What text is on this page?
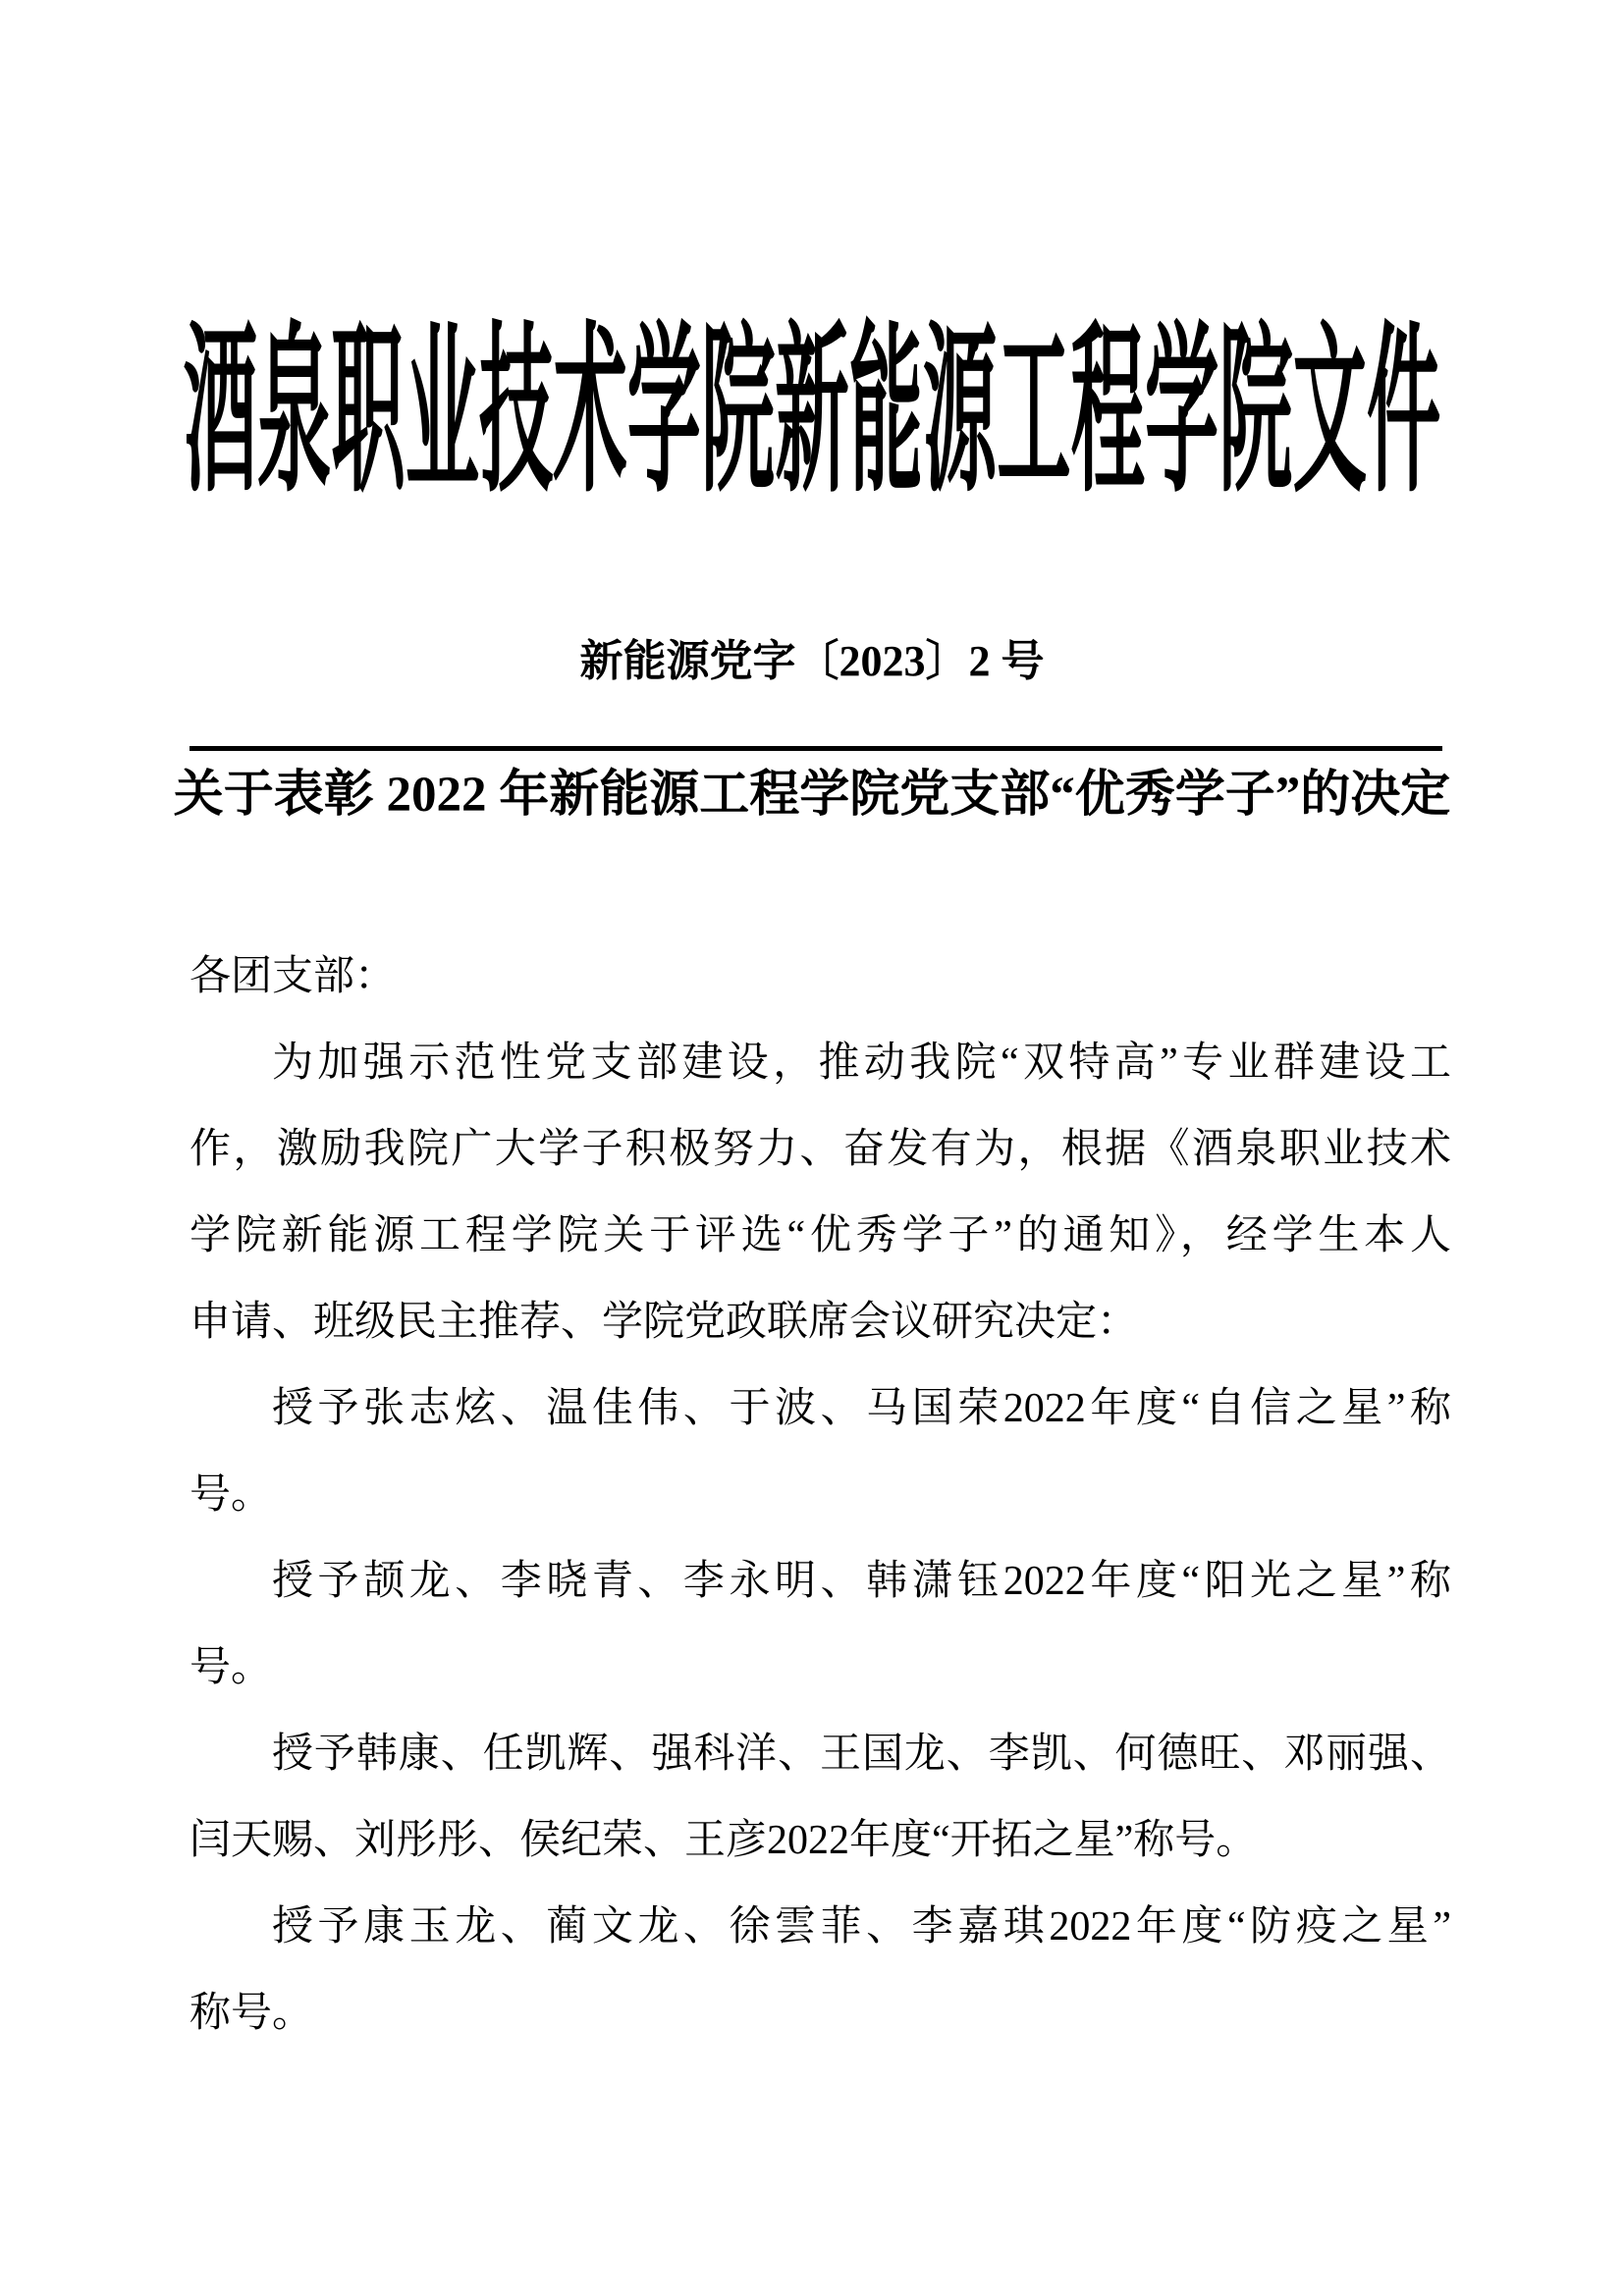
酒泉职业技术学院新能源工程学院文件
新能源党字〔2023〕2 号
关于表彰 2022 年新能源工程学院党支部“优秀学子”的决定
各团支部：
为加强示范性党支部建设，推动我院“双特高”专业群建设工
作，激励我院广大学子积极努力、奋发有为，根据《酒泉职业技术
学院新能源工程学院关于评选“优秀学子”的通知》，经学生本人
申请、班级民主推荐、学院党政联席会议研究决定：
授予张志炫、温佳伟、于波、马国荣2022年度“自信之星”称
号。
授予颉龙、李晓青、李永明、韩潇钰2022年度“阳光之星”称
号。
授予韩康、任凯辉、强科洋、王国龙、李凯、何德旺、邓丽强、
闫天赐、刘彤彤、侯纪荣、王彦2022年度“开拓之星”称号。
授予康玉龙、蔺文龙、徐雲菲、李嘉琪2022年度“防疫之星”
称号。
